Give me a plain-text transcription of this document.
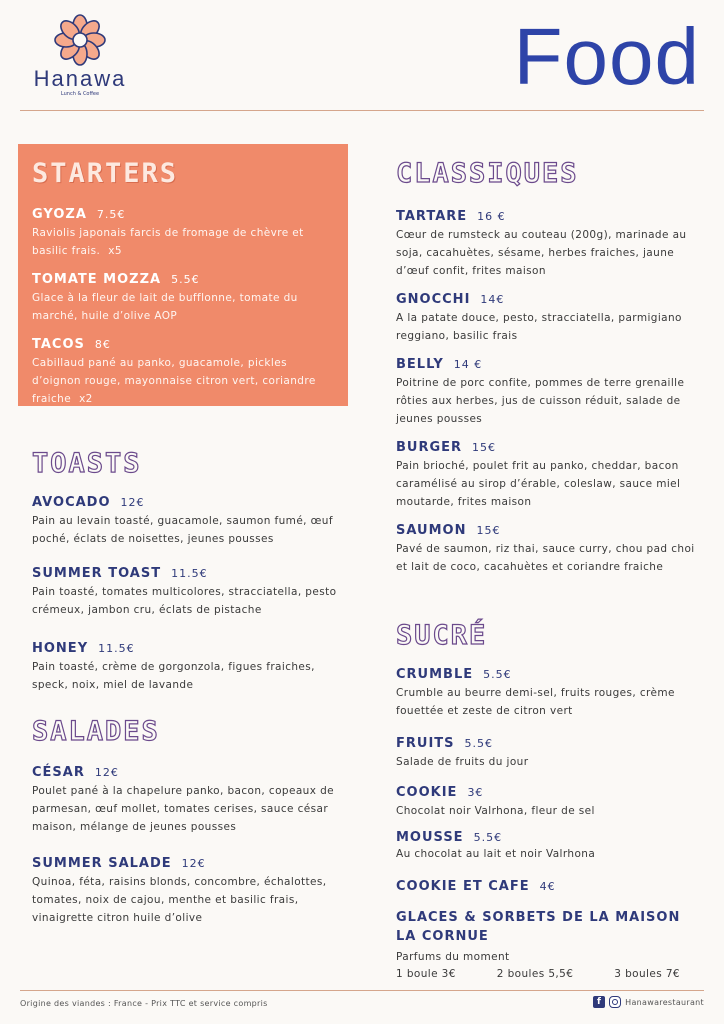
Hanawa
Lunch & Coffee	Food
STARTERS
GYOZA 7.5€
Raviolis japonais farcis de fromage de chèvre et basilic frais. x5
TOMATE MOZZA 5.5€
Glace à la fleur de lait de bufflonne, tomate du marché, huile d’olive AOP
TACOS 8€
Cabillaud pané au panko, guacamole, pickles d’oignon rouge, mayonnaise citron vert, coriandre fraiche x2
TOASTS
AVOCADO 12€
Pain au levain toasté, guacamole, saumon fumé, œuf poché, éclats de noisettes, jeunes pousses
SUMMER TOAST 11.5€
Pain toasté, tomates multicolores, stracciatella, pesto crémeux, jambon cru, éclats de pistache
HONEY 11.5€
Pain toasté, crème de gorgonzola, figues fraiches, speck, noix, miel de lavande
SALADES
CÉSAR 12€
Poulet pané à la chapelure panko, bacon, copeaux de parmesan, œuf mollet, tomates cerises, sauce césar maison, mélange de jeunes pousses
SUMMER SALADE 12€
Quinoa, féta, raisins blonds, concombre, échalottes, tomates, noix de cajou, menthe et basilic frais, vinaigrette citron huile d’olive
CLASSIQUES
TARTARE 16 €
Cœur de rumsteck au couteau (200g), marinade au soja, cacahuètes, sésame, herbes fraiches, jaune d’œuf confit, frites maison
GNOCCHI 14€
A la patate douce, pesto, stracciatella, parmigiano reggiano, basilic frais
BELLY 14 €
Poitrine de porc confite, pommes de terre grenaille rôties aux herbes, jus de cuisson réduit, salade de jeunes pousses
BURGER 15€
Pain brioché, poulet frit au panko, cheddar, bacon caramélisé au sirop d’érable, coleslaw, sauce miel moutarde, frites maison
SAUMON 15€
Pavé de saumon, riz thai, sauce curry, chou pad choi et lait de coco, cacahuètes et coriandre fraiche
SUCRÉ
CRUMBLE 5.5€
Crumble au beurre demi-sel, fruits rouges, crème fouettée et zeste de citron vert
FRUITS 5.5€
Salade de fruits du jour
COOKIE 3€
Chocolat noir Valrhona, fleur de sel
MOUSSE 5.5€
Au chocolat au lait et noir Valrhona
COOKIE ET CAFE 4€
GLACES & SORBETS DE LA MAISON LA CORNUE
Parfums du moment
1 boule 3€	2 boules 5,5€	3 boules 7€
Origine des viandes : France - Prix TTC et service compris	f	Hanawarestaurant
